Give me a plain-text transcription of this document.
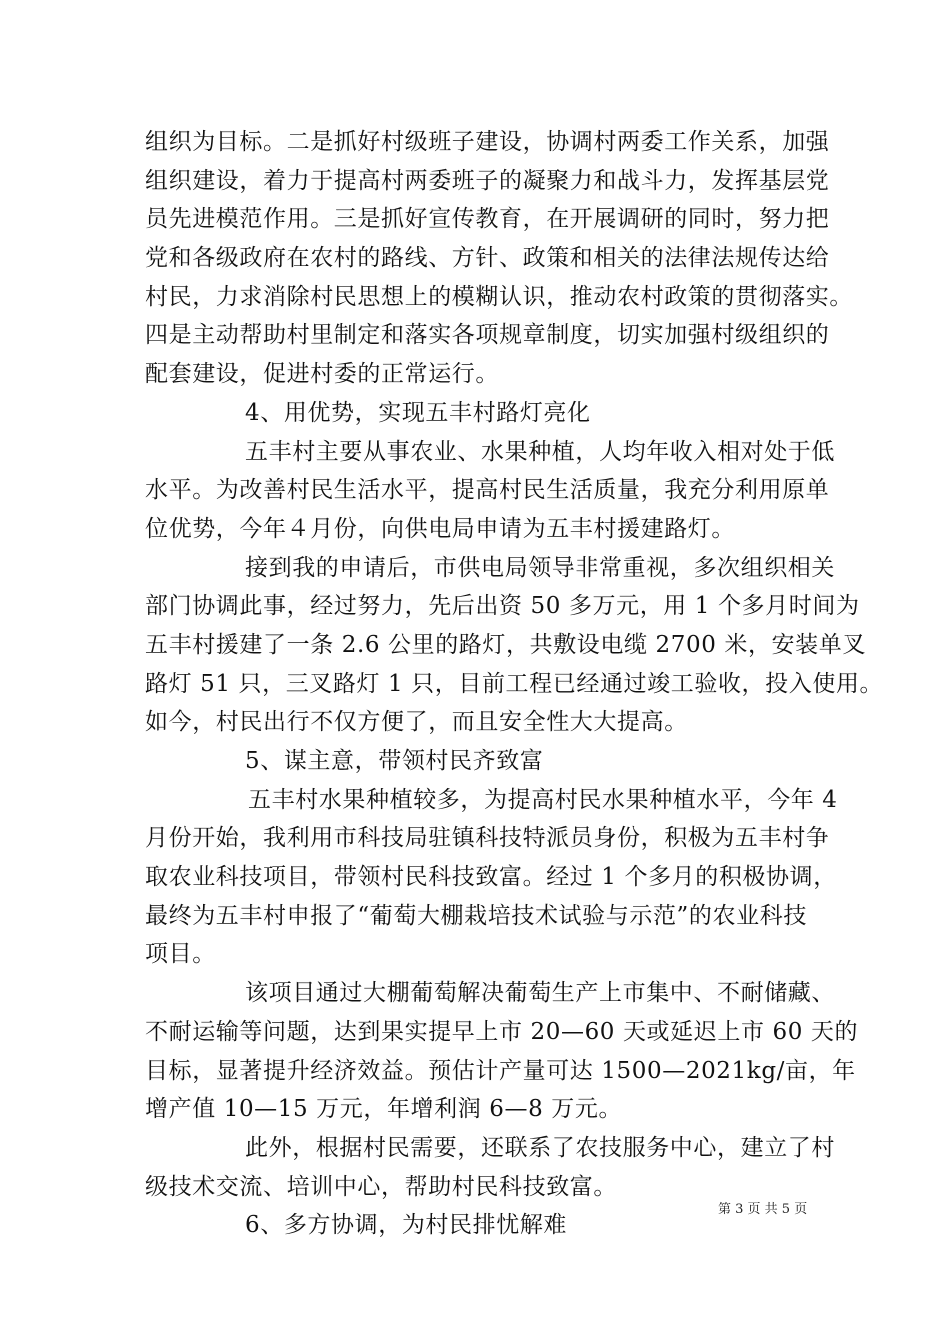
组织为目标。二是抓好村级班子建设，协调村两委工作关系，加强
组织建设，着力于提高村两委班子的凝聚力和战斗力，发挥基层党
员先进模范作用。三是抓好宣传教育，在开展调研的同时，努力把
党和各级政府在农村的路线、方针、政策和相关的法律法规传达给
村民，力求消除村民思想上的模糊认识，推动农村政策的贯彻落实。
四是主动帮助村里制定和落实各项规章制度，切实加强村级组织的
配套建设，促进村委的正常运行。
4、用优势，实现五丰村路灯亮化
五丰村主要从事农业、水果种植，人均年收入相对处于低
水平。为改善村民生活水平，提高村民生活质量，我充分利用原单
位优势，今年４月份，向供电局申请为五丰村援建路灯。
接到我的申请后，市供电局领导非常重视，多次组织相关
部门协调此事，经过努力，先后出资 50 多万元，用 1 个多月时间为
五丰村援建了一条 2.6 公里的路灯，共敷设电缆 2700 米，安装单叉
路灯 51 只，三叉路灯 1 只，目前工程已经通过竣工验收，投入使用。
如今，村民出行不仅方便了，而且安全性大大提高。
5、谋主意，带领村民齐致富
五丰村水果种植较多，为提高村民水果种植水平，今年 4
月份开始，我利用市科技局驻镇科技特派员身份，积极为五丰村争
取农业科技项目，带领村民科技致富。经过 1 个多月的积极协调，
最终为五丰村申报了“葡萄大棚栽培技术试验与示范”的农业科技
项目。
该项目通过大棚葡萄解决葡萄生产上市集中、不耐储藏、
不耐运输等问题，达到果实提早上市 20—60 天或延迟上市 60 天的
目标，显著提升经济效益。预估计产量可达 1500—2021kg/亩，年
增产值 10—15 万元，年增利润 6—8 万元。
此外，根据村民需要，还联系了农技服务中心，建立了村
级技术交流、培训中心，帮助村民科技致富。
6、多方协调，为村民排忧解难
第 3 页 共 5 页
